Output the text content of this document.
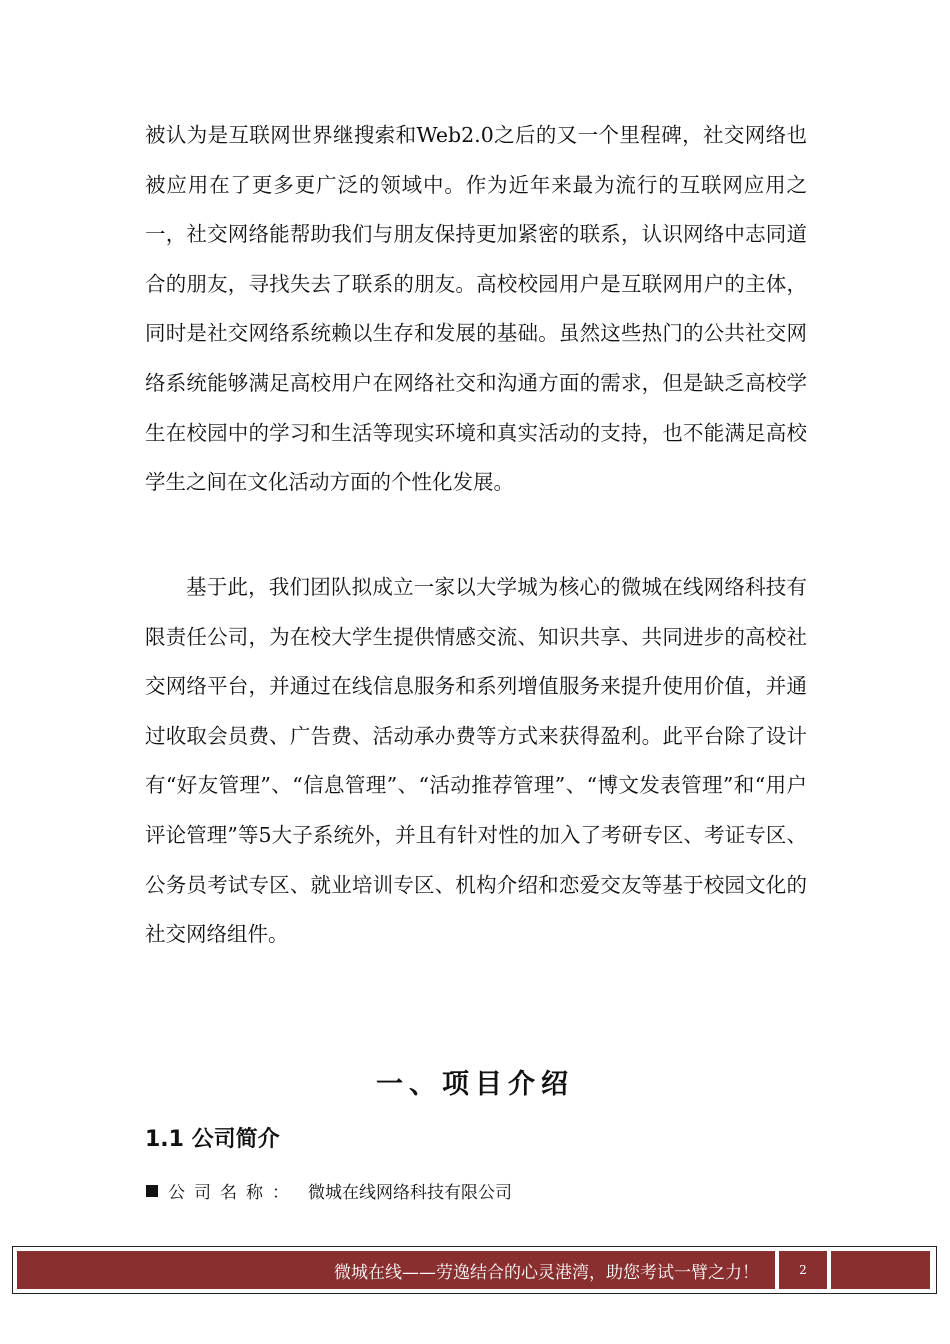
被认为是互联网世界继搜索和Web2.0之后的又一个里程碑，社交网络也被应用在了更多更广泛的领域中。作为近年来最为流行的互联网应用之一，社交网络能帮助我们与朋友保持更加紧密的联系，认识网络中志同道合的朋友，寻找失去了联系的朋友。高校校园用户是互联网用户的主体，同时是社交网络系统赖以生存和发展的基础。虽然这些热门的公共社交网络系统能够满足高校用户在网络社交和沟通方面的需求，但是缺乏高校学生在校园中的学习和生活等现实环境和真实活动的支持，也不能满足高校学生之间在文化活动方面的个性化发展。

基于此，我们团队拟成立一家以大学城为核心的微城在线网络科技有限责任公司，为在校大学生提供情感交流、知识共享、共同进步的高校社交网络平台，并通过在线信息服务和系列增值服务来提升使用价值，并通过收取会员费、广告费、活动承办费等方式来获得盈利。此平台除了设计有“好友管理”、“信息管理”、“活动推荐管理”、“博文发表管理”和“用户评论管理”等5大子系统外，并且有针对性的加入了考研专区、考证专区、公务员考试专区、就业培训专区、机构介绍和恋爱交友等基于校园文化的社交网络组件。

一、项目介绍
1.1 公司简介
公司名称： 微城在线网络科技有限公司
微城在线——劳逸结合的心灵港湾，助您考试一臂之力！	2
